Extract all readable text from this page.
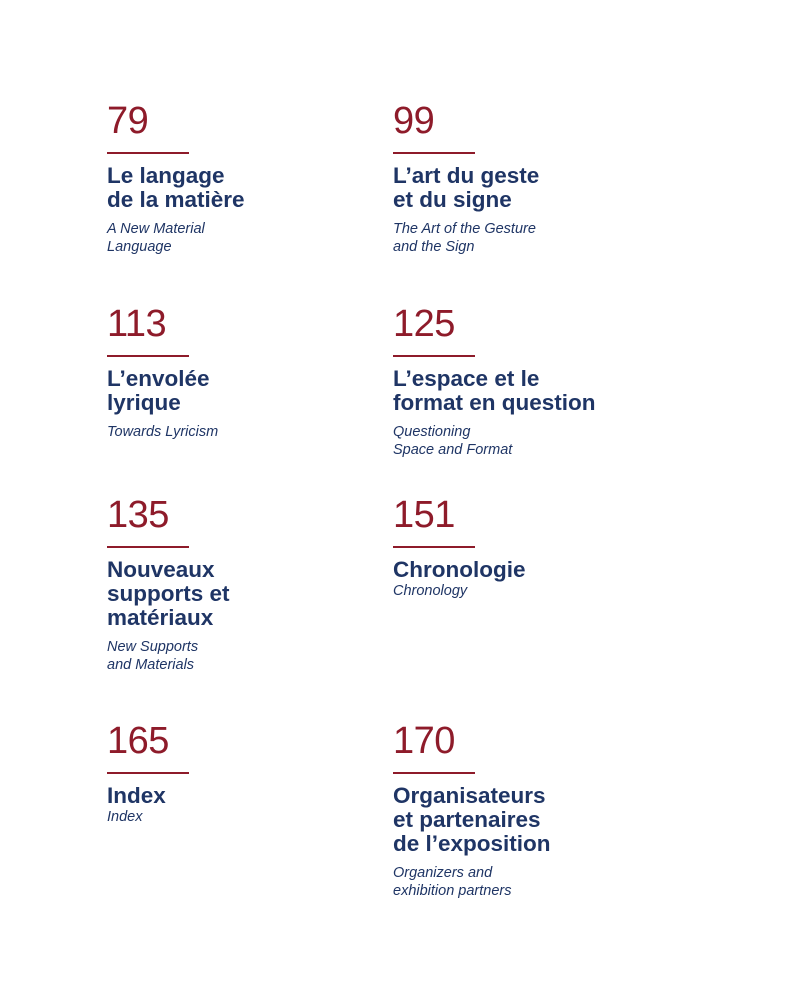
79
Le langage
de la matière
A New Material
Language
99
L’art du geste
et du signe
The Art of the Gesture
and the Sign
113
L’envolée
lyrique
Towards Lyricism
125
L’espace et le
format en question
Questioning
Space and Format
135
Nouveaux
supports et
matériaux
New Supports
and Materials
151
Chronologie
Chronology
165
Index
Index
170
Organisateurs
et partenaires
de l’exposition
Organizers and
exhibition partners
